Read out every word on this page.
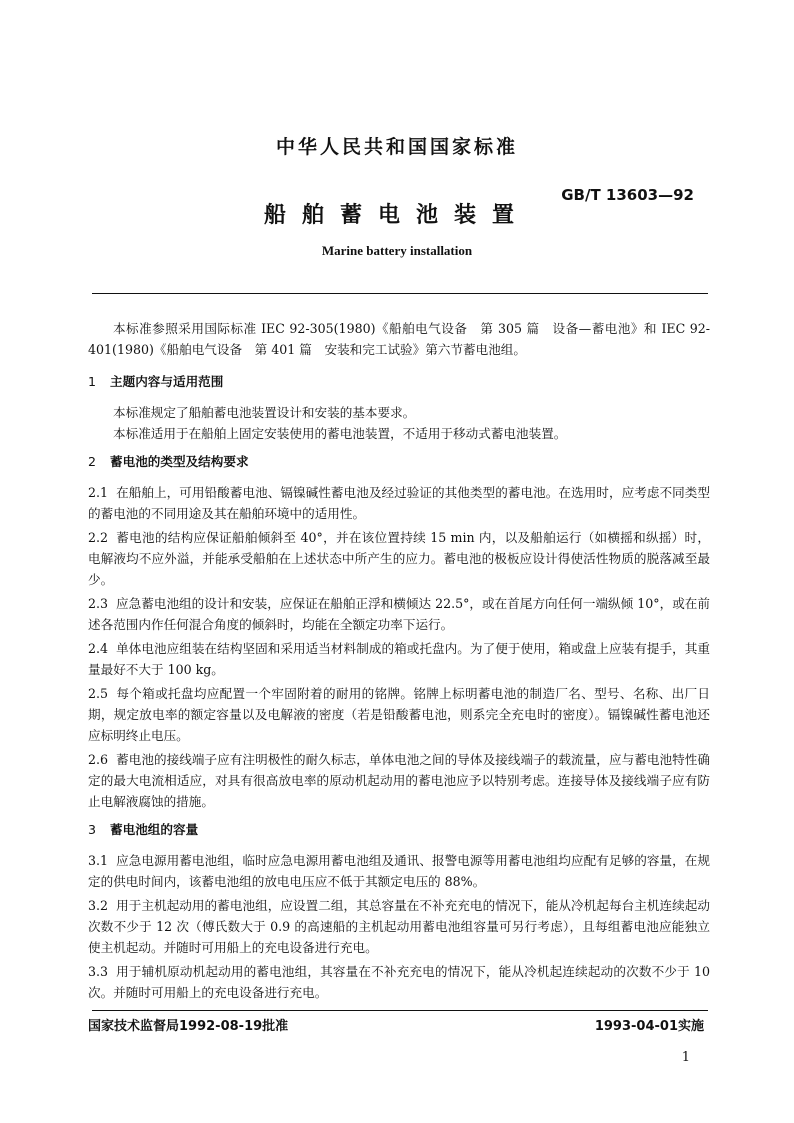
中华人民共和国国家标准
GB/T 13603—92
船舶蓄电池装置
Marine battery installation

本标准参照采用国际标准 IEC 92-305(1980)《船舶电气设备　第 305 篇　设备—蓄电池》和 IEC 92-401(1980)《船舶电气设备　第 401 篇　安装和完工试验》第六节蓄电池组。

1 主题内容与适用范围

本标准规定了船舶蓄电池装置设计和安装的基本要求。

本标准适用于在船舶上固定安装使用的蓄电池装置，不适用于移动式蓄电池装置。

2 蓄电池的类型及结构要求

2.1 在船舶上，可用铅酸蓄电池、镉镍碱性蓄电池及经过验证的其他类型的蓄电池。在选用时，应考虑不同类型的蓄电池的不同用途及其在船舶环境中的适用性。

2.2 蓄电池的结构应保证船舶倾斜至 40°，并在该位置持续 15 min 内，以及船舶运行（如横摇和纵摇）时，电解液均不应外溢，并能承受船舶在上述状态中所产生的应力。蓄电池的极板应设计得使活性物质的脱落减至最少。

2.3 应急蓄电池组的设计和安装，应保证在船舶正浮和横倾达 22.5°，或在首尾方向任何一端纵倾 10°，或在前述各范围内作任何混合角度的倾斜时，均能在全额定功率下运行。

2.4 单体电池应组装在结构坚固和采用适当材料制成的箱或托盘内。为了便于使用，箱或盘上应装有提手，其重量最好不大于 100 kg。

2.5 每个箱或托盘均应配置一个牢固附着的耐用的铭牌。铭牌上标明蓄电池的制造厂名、型号、名称、出厂日期，规定放电率的额定容量以及电解液的密度（若是铅酸蓄电池，则系完全充电时的密度）。镉镍碱性蓄电池还应标明终止电压。

2.6 蓄电池的接线端子应有注明极性的耐久标志，单体电池之间的导体及接线端子的载流量，应与蓄电池特性确定的最大电流相适应，对具有很高放电率的原动机起动用的蓄电池应予以特别考虑。连接导体及接线端子应有防止电解液腐蚀的措施。

3 蓄电池组的容量

3.1 应急电源用蓄电池组，临时应急电源用蓄电池组及通讯、报警电源等用蓄电池组均应配有足够的容量，在规定的供电时间内，该蓄电池组的放电电压应不低于其额定电压的 88%。

3.2 用于主机起动用的蓄电池组，应设置二组，其总容量在不补充充电的情况下，能从冷机起每台主机连续起动次数不少于 12 次（傅氏数大于 0.9 的高速船的主机起动用蓄电池组容量可另行考虑），且每组蓄电池应能独立使主机起动。并随时可用船上的充电设备进行充电。

3.3 用于辅机原动机起动用的蓄电池组，其容量在不补充充电的情况下，能从冷机起连续起动的次数不少于 10 次。并随时可用船上的充电设备进行充电。

国家技术监督局1992-08-19批准	1993-04-01实施
1
